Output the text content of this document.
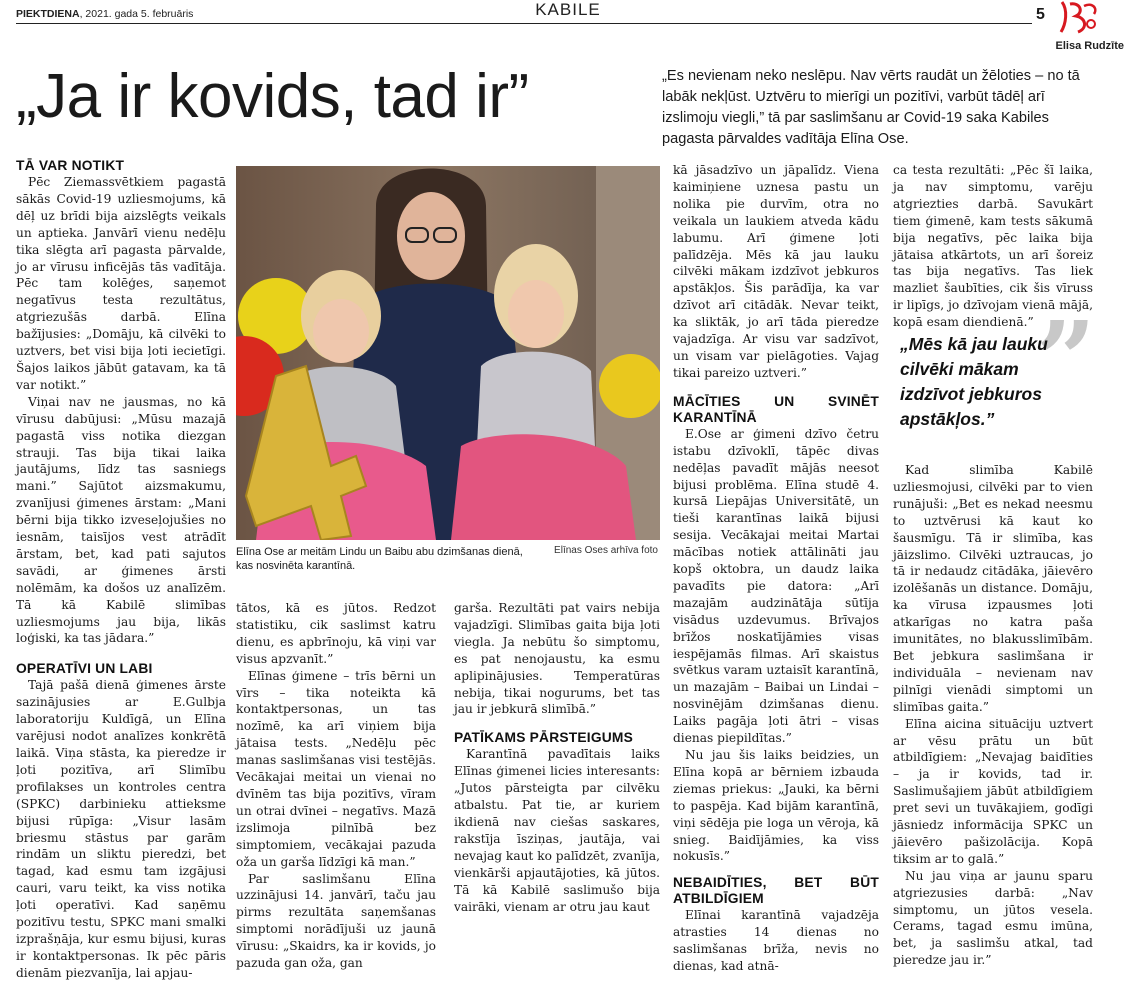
PIEKTDIENA, 2021. gada 5. februāris	KABILE	5
Elisa Rudzīte
„Ja ir kovids, tad ir”	„Es nevienam neko neslēpu. Nav vērts raudāt un žēloties – no tā labāk nekļūst. Uztvēru to mierīgi un pozitīvi, varbūt tādēļ arī izslimoju viegli,” tā par saslimšanu ar Covid-19 saka Kabiles pagasta pārvaldes vadītāja Elīna Ose.
TĀ VAR NOTIKT

Pēc Ziemassvētkiem pagastā sākās Covid-19 uzliesmojums, kā dēļ uz brīdi bija aizslēgts veikals un aptieka. Janvārī vienu nedēļu tika slēgta arī pagasta pārvalde, jo ar vīrusu inficējās tās vadītāja. Pēc tam kolēģes, saņemot negatīvus testa rezultātus, atgriezušās darbā. Elīna bažījusies: „Domāju, kā cilvēki to uztvers, bet visi bija ļoti iecietīgi. Šajos laikos jābūt gatavam, ka tā var notikt.”

Viņai nav ne jausmas, no kā vīrusu dabūjusi: „Mūsu mazajā pagastā viss notika diezgan strauji. Tas bija tikai laika jautājums, līdz tas sasniegs mani.” Sajūtot aizsmakumu, zvanījusi ģimenes ārstam: „Mani bērni bija tikko izveseļojušies no iesnām, taisījos vest atrādīt ārstam, bet, kad pati sajutos savādi, ar ģimenes ārsti nolēmām, ka došos uz analīzēm. Tā kā Kabilē slimības uzliesmojums jau bija, likās loģiski, ka tas jādara.”

OPERATĪVI UN LABI

Tajā pašā dienā ģimenes ārste sazinājusies ar E.Gulbja laboratoriju Kuldīgā, un Elīna varējusi nodot analīzes konkrētā laikā. Viņa stāsta, ka pieredze ir ļoti pozitīva, arī Slimību profilakses un kontroles centra (SPKC) darbinieku attieksme bijusi rūpīga: „Visur lasām briesmu stāstus par garām rindām un sliktu pieredzi, bet tagad, kad esmu tam izgājusi cauri, varu teikt, ka viss notika ļoti operatīvi. Kad saņēmu pozitīvu testu, SPKC mani smalki izprašņāja, kur esmu bijusi, kuras ir kontaktpersonas. Ik pēc pāris dienām piezvanīja, lai apjau-

Elīna Ose ar meitām Lindu un Baibu abu dzimšanas dienā, kas nosvinēta karantīnā.
Elīnas Oses arhīva foto

tātos, kā es jūtos. Redzot statistiku, cik saslimst katru dienu, es apbrīnoju, kā viņi var visus apzvanīt.”

Elīnas ģimene – trīs bērni un vīrs – tika noteikta kā kontaktpersonas, un tas nozīmē, ka arī viņiem bija jātaisa tests. „Nedēļu pēc manas saslimšanas visi testējās. Vecākajai meitai un vienai no dvīnēm tas bija pozitīvs, vīram un otrai dvīnei – negatīvs. Mazā izslimoja pilnībā bez simptomiem, vecākajai pazuda oža un garša līdzīgi kā man.”

Par saslimšanu Elīna uzzinājusi 14. janvārī, taču jau pirms rezultāta saņemšanas simptomi norādījuši uz jaunā vīrusu: „Skaidrs, ka ir kovids, jo pazuda gan oža, gan

garša. Rezultāti pat vairs nebija vajadzīgi. Slimības gaita bija ļoti viegla. Ja nebūtu šo simptomu, es pat nenojaustu, ka esmu aplipinājusies. Temperatūras nebija, tikai nogurums, bet tas jau ir jebkurā slimībā.”

PATĪKAMS PĀRSTEIGUMS

Karantīnā pavadītais laiks Elīnas ģimenei licies interesants: „Jutos pārsteigta par cilvēku atbalstu. Pat tie, ar kuriem ikdienā nav ciešas saskares, rakstīja īsziņas, jautāja, vai nevajag kaut ko palīdzēt, zvanīja, vienkārši apjautājoties, kā jūtos. Tā kā Kabilē saslimušo bija vairāki, vienam ar otru jau kaut

kā jāsadzīvo un jāpalīdz. Viena kaimiņiene uznesa pastu un nolika pie durvīm, otra no veikala un laukiem atveda kādu labumu. Arī ģimene ļoti palīdzēja. Mēs kā jau lauku cilvēki mākam izdzīvot jebkuros apstākļos. Šis parādīja, ka var dzīvot arī citādāk. Nevar teikt, ka sliktāk, jo arī tāda pieredze vajadzīga. Ar visu var sadzīvot, un visam var pielāgoties. Vajag tikai pareizo uztveri.”

MĀCĪTIES UN SVINĒT KARANTĪNĀ

E.Ose ar ģimeni dzīvo četru istabu dzīvoklī, tāpēc divas nedēļas pavadīt mājās neesot bijusi problēma. Elīna studē 4. kursā Liepājas Universitātē, un tieši karantīnas laikā bijusi sesija. Vecākajai meitai Martai mācības notiek attālināti jau kopš oktobra, un daudz laika pavadīts pie datora: „Arī mazajām audzinātāja sūtīja visādus uzdevumus. Brīvajos brīžos noskatījāmies visas iespējamās filmas. Arī skaistus svētkus varam uztaisīt karantīnā, un mazajām – Baibai un Lindai – nosvinējām dzimšanas dienu. Laiks pagāja ļoti ātri – visas dienas piepildītas.”

Nu jau šis laiks beidzies, un Elīna kopā ar bērniem izbauda ziemas priekus: „Jauki, ka bērni to paspēja. Kad bijām karantīnā, viņi sēdēja pie loga un vēroja, kā snieg. Baidījāmies, ka viss nokusīs.”

NEBAIDĪTIES, BET BŪT ATBILDĪGIEM

Elīnai karantīnā vajadzēja atrasties 14 dienas no saslimšanas brīža, nevis no dienas, kad atnā-

ca testa rezultāti: „Pēc šī laika, ja nav simptomu, varēju atgriezties darbā. Savukārt tiem ģimenē, kam tests sākumā bija negatīvs, pēc laika bija jātaisa atkārtots, un arī šoreiz tas bija negatīvs. Tas liek mazliet šaubīties, cik šis vīruss ir lipīgs, jo dzīvojam vienā mājā, kopā esam diendienā.” ”
„Mēs kā jau lauku cilvēki mākam izdzīvot jebkuros apstākļos.”

Kad slimība Kabilē uzliesmojusi, cilvēki par to vien runājuši: „Bet es nekad neesmu to uztvērusi kā kaut ko šausmīgu. Tā ir slimība, kas jāizslimo. Cilvēki uztraucas, jo tā ir nedaudz citādāka, jāievēro izolēšanās un distance. Domāju, ka vīrusa izpausmes ļoti atkarīgas no katra paša imunitātes, no blakusslimībām. Bet jebkura saslimšana ir individuāla – nevienam nav pilnīgi vienādi simptomi un slimības gaita.”

Elīna aicina situāciju uztvert ar vēsu prātu un būt atbildīgiem: „Nevajag baidīties – ja ir kovids, tad ir. Saslimušajiem jābūt atbildīgiem pret sevi un tuvākajiem, godīgi jāsniedz informācija SPKC un jāievēro pašizolācija. Kopā tiksim ar to galā.”

Nu jau viņa ar jaunu sparu atgriezusies darbā: „Nav simptomu, un jūtos vesela. Cerams, tagad esmu imūna, bet, ja saslimšu atkal, tad pieredze jau ir.”
